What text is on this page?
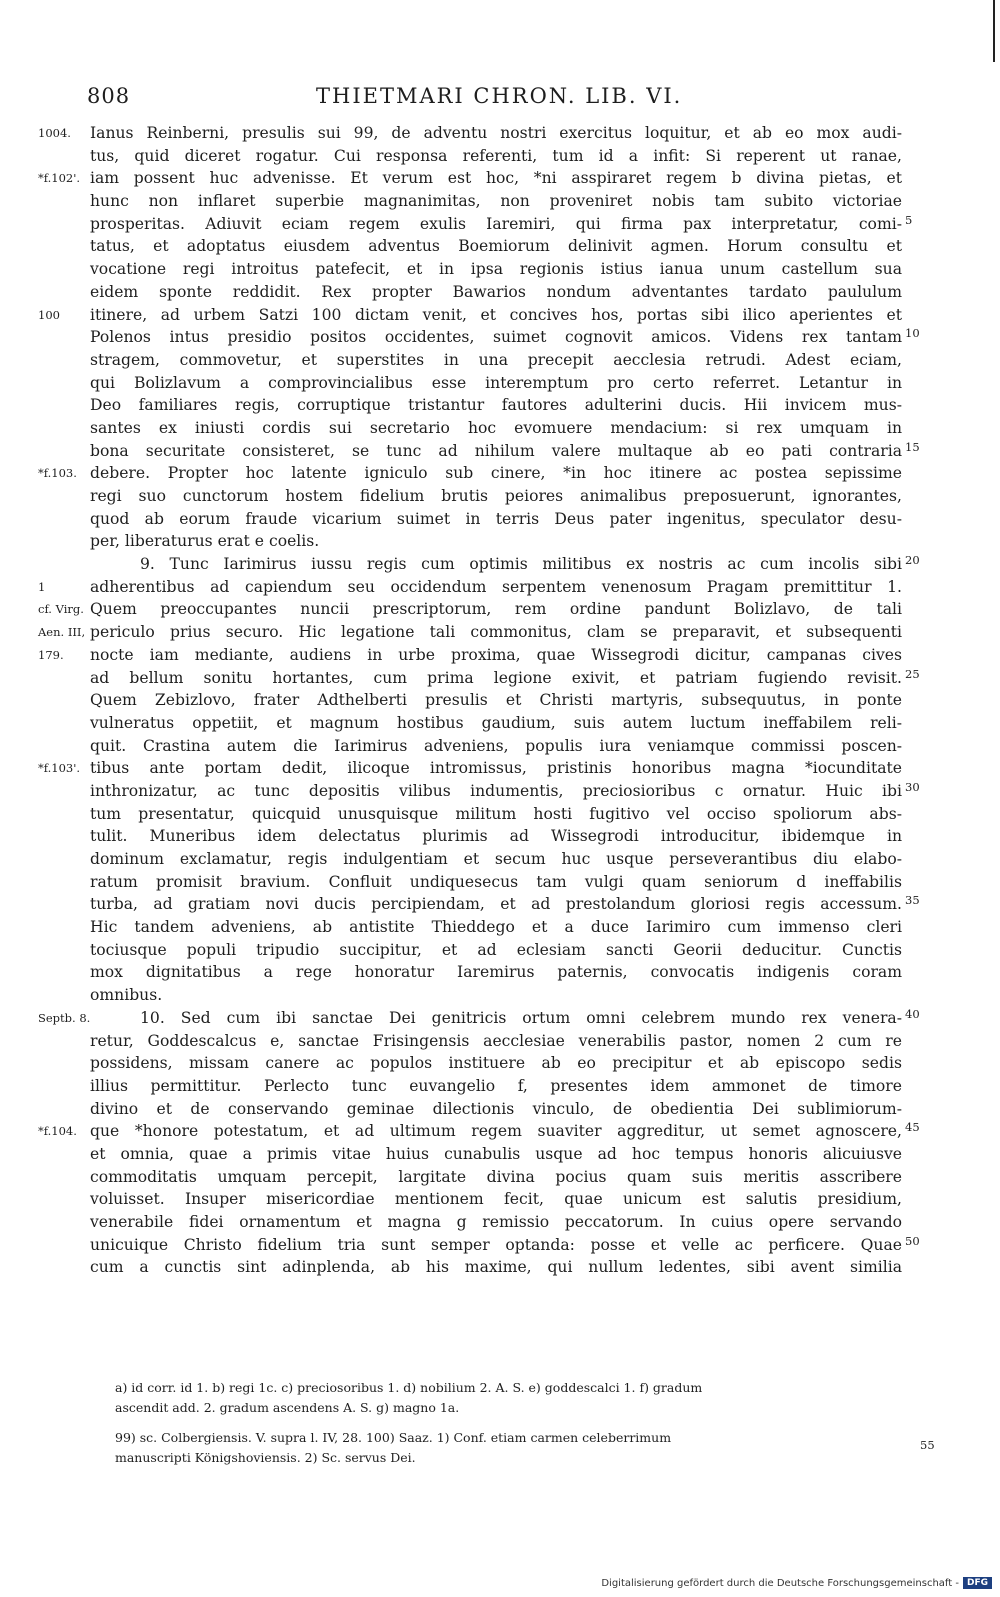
808	THIETMARI CHRON. LIB. VI.
1004.	Ianus Reinberni, presulis sui 99, de adventu nostri exercitus loquitur, et ab eo mox audi-
tus, quid diceret rogatur. Cui responsa referenti, tum id a infit: Si reperent ut ranae,
*f.102'. iam possent huc advenisse. Et verum est hoc, *ni asspiraret regem b divina pietas, et
hunc non inflaret superbie magnanimitas, non proveniret nobis tam subito victoriae
prosperitas. Adiuvit eciam regem exulis Iaremiri, qui firma pax interpretatur, comi- 5
tatus, et adoptatus eiusdem adventus Boemiorum delinivit agmen. Horum consultu et
vocatione regi introitus patefecit, et in ipsa regionis istius ianua unum castellum sua
eidem sponte reddidit. Rex propter Bawarios nondum adventantes tardato paululum
100	itinere, ad urbem Satzi 100 dictam venit, et concives hos, portas sibi ilico aperientes et
Polenos intus presidio positos occidentes, suimet cognovit amicos. Videns rex tantam 10
stragem, commovetur, et superstites in una precepit aecclesia retrudi. Adest eciam,
qui Bolizlavum a comprovincialibus esse interemptum pro certo referret. Letantur in
Deo familiares regis, corruptique tristantur fautores adulterini ducis. Hii invicem mus-
santes ex iniusti cordis sui secretario hoc evomuere mendacium: si rex umquam in
bona securitate consisteret, se tunc ad nihilum valere multaque ab eo pati contraria 15
*f.103. debere. Propter hoc latente igniculo sub cinere, *in hoc itinere ac postea sepissime
regi suo cunctorum hostem fidelium brutis peiores animalibus preposuerunt, ignorantes,
quod ab eorum fraude vicarium suimet in terris Deus pater ingenitus, speculator desu-
per, liberaturus erat e coelis.
9. Tunc Iarimirus iussu regis cum optimis militibus ex nostris ac cum incolis sibi 20
1	adherentibus ad capiendum seu occidendum serpentem venenosum Pragam premittitur 1.
cf. Virg. Quem preoccupantes nuncii prescriptorum, rem ordine pandunt Bolizlavo, de tali
Aen. III, periculo prius securo. Hic legatione tali commonitus, clam se preparavit, et subsequenti
179.	nocte iam mediante, audiens in urbe proxima, quae Wissegrodi dicitur, campanas cives
ad bellum sonitu hortantes, cum prima legione exivit, et patriam fugiendo revisit. 25
Quem Zebizlovo, frater Adthelberti presulis et Christi martyris, subsequutus, in ponte
vulneratus oppetiit, et magnum hostibus gaudium, suis autem luctum ineffabilem reli-
quit. Crastina autem die Iarimirus adveniens, populis iura veniamque commissi poscen-
*f.103'. tibus ante portam dedit, ilicoque intromissus, pristinis honoribus magna *iocunditate
inthronizatur, ac tunc depositis vilibus indumentis, preciosioribus c ornatur. Huic ibi 30
tum presentatur, quicquid unusquisque militum hosti fugitivo vel occiso spoliorum abs-
tulit. Muneribus idem delectatus plurimis ad Wissegrodi introducitur, ibidemque in
dominum exclamatur, regis indulgentiam et secum huc usque perseverantibus diu elabo-
ratum promisit bravium. Confluit undiquesecus tam vulgi quam seniorum d ineffabilis
turba, ad gratiam novi ducis percipiendam, et ad prestolandum gloriosi regis accessum. 35
Hic tandem adveniens, ab antistite Thieddego et a duce Iarimiro cum immenso cleri
tociusque populi tripudio succipitur, et ad eclesiam sancti Georii deducitur. Cunctis
mox dignitatibus a rege honoratur Iaremirus paternis, convocatis indigenis coram
omnibus.
Septb. 8.	10. Sed cum ibi sanctae Dei genitricis ortum omni celebrem mundo rex venera- 40
retur, Goddescalcus e, sanctae Frisingensis aecclesiae venerabilis pastor, nomen 2 cum re
possidens, missam canere ac populos instituere ab eo precipitur et ab episcopo sedis
illius permittitur. Perlecto tunc euvangelio f, presentes idem ammonet de timore
divino et de conservando geminae dilectionis vinculo, de obedientia Dei sublimiorum-
*f.104. que *honore potestatum, et ad ultimum regem suaviter aggreditur, ut semet agnoscere, 45
et omnia, quae a primis vitae huius cunabulis usque ad hoc tempus honoris alicuiusve
commoditatis umquam percepit, largitate divina pocius quam suis meritis asscribere
voluisset. Insuper misericordiae mentionem fecit, quae unicum est salutis presidium,
venerabile fidei ornamentum et magna g remissio peccatorum. In cuius opere servando
unicuique Christo fidelium tria sunt semper optanda: posse et velle ac perficere. Quae 50
cum a cunctis sint adinplenda, ab his maxime, qui nullum ledentes, sibi avent similia
a) id corr. id 1. b) regi 1c. c) preciosoribus 1. d) nobilium 2. A. S. e) goddescalci 1. f) gradum
ascendit add. 2. gradum ascendens A. S. g) magno 1a.
99) sc. Colbergiensis. V. supra l. IV, 28. 100) Saaz. 1) Conf. etiam carmen celeberrimum
manuscripti Königshoviensis. 2) Sc. servus Dei.
55
Digitalisierung gefördert durch die Deutsche Forschungsgemeinschaft - DFG
